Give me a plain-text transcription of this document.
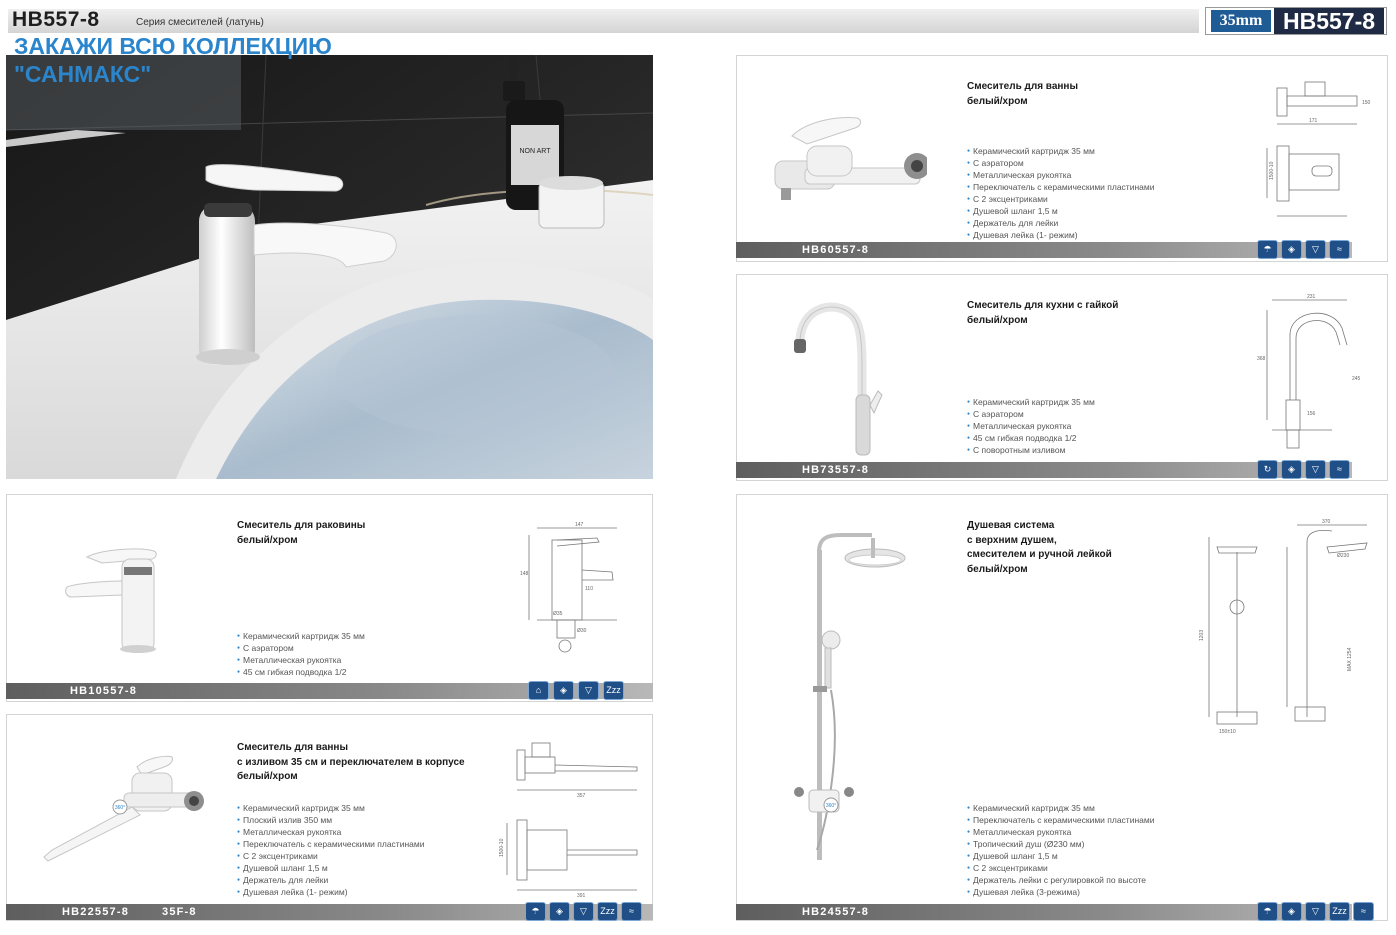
HB557-8	Серия смесителей (латунь)	35mm HB557-8
NON ART
ЗАКАЖИ ВСЮ КОЛЛЕКЦИЮ
"САНМАКС"	Смеситель для ванны
белый/хром
● Керамический картридж 35 мм
● С аэратором
● Металлическая рукоятка
● Переключатель с керамическими пластинами
● С 2 эксцентриками
● Душевой шланг 1,5 м
● Держатель для лейки
● Душевая лейка (1- режим)
171
150
1500-10
HB60557-8	☂	◈	▽	≈
Смеситель для кухни с гайкой
белый/хром
● Керамический картридж 35 мм
● С аэратором
● Металлическая рукоятка
● 45 см гибкая подводка 1/2
● С поворотным изливом
231
368
245
156
HB73557-8	↻	◈	▽	≈
Смеситель для раковины
белый/хром
● Керамический картридж 35 мм
● С аэратором
● Металлическая рукоятка
● 45 см гибкая подводка 1/2
147
148
110
Ø35
Ø30
HB10557-8	⌂	◈	▽	Zzz
360°
Смеситель для ванны
с изливом 35 см и переключателем в корпусе
белый/хром
● Керамический картридж 35 мм
● Плоский излив 350 мм
● Металлическая рукоятка
● Переключатель с керамическими пластинами
● С 2 эксцентриками
● Душевой шланг 1,5 м
● Держатель для лейки
● Душевая лейка (1- режим)
357
391
1500-10
HB22557-8	35F-8	☂	◈	▽	Zzz	≈
360°
Душевая система
с верхним душем,
смесителем и ручной лейкой
белый/хром
● Керамический картридж 35 мм
● Переключатель с керамическими пластинами
● Металлическая рукоятка
● Тропический душ (Ø230 мм)
● Душевой шланг 1,5 м
● С 2 эксцентриками
● Держатель лейки с регулировкой по высоте
● Душевая лейка (3-режима)
370
1203
Ø230
MAX 1254
150±10
HB24557-8	☂	◈	▽	Zzz	≈
